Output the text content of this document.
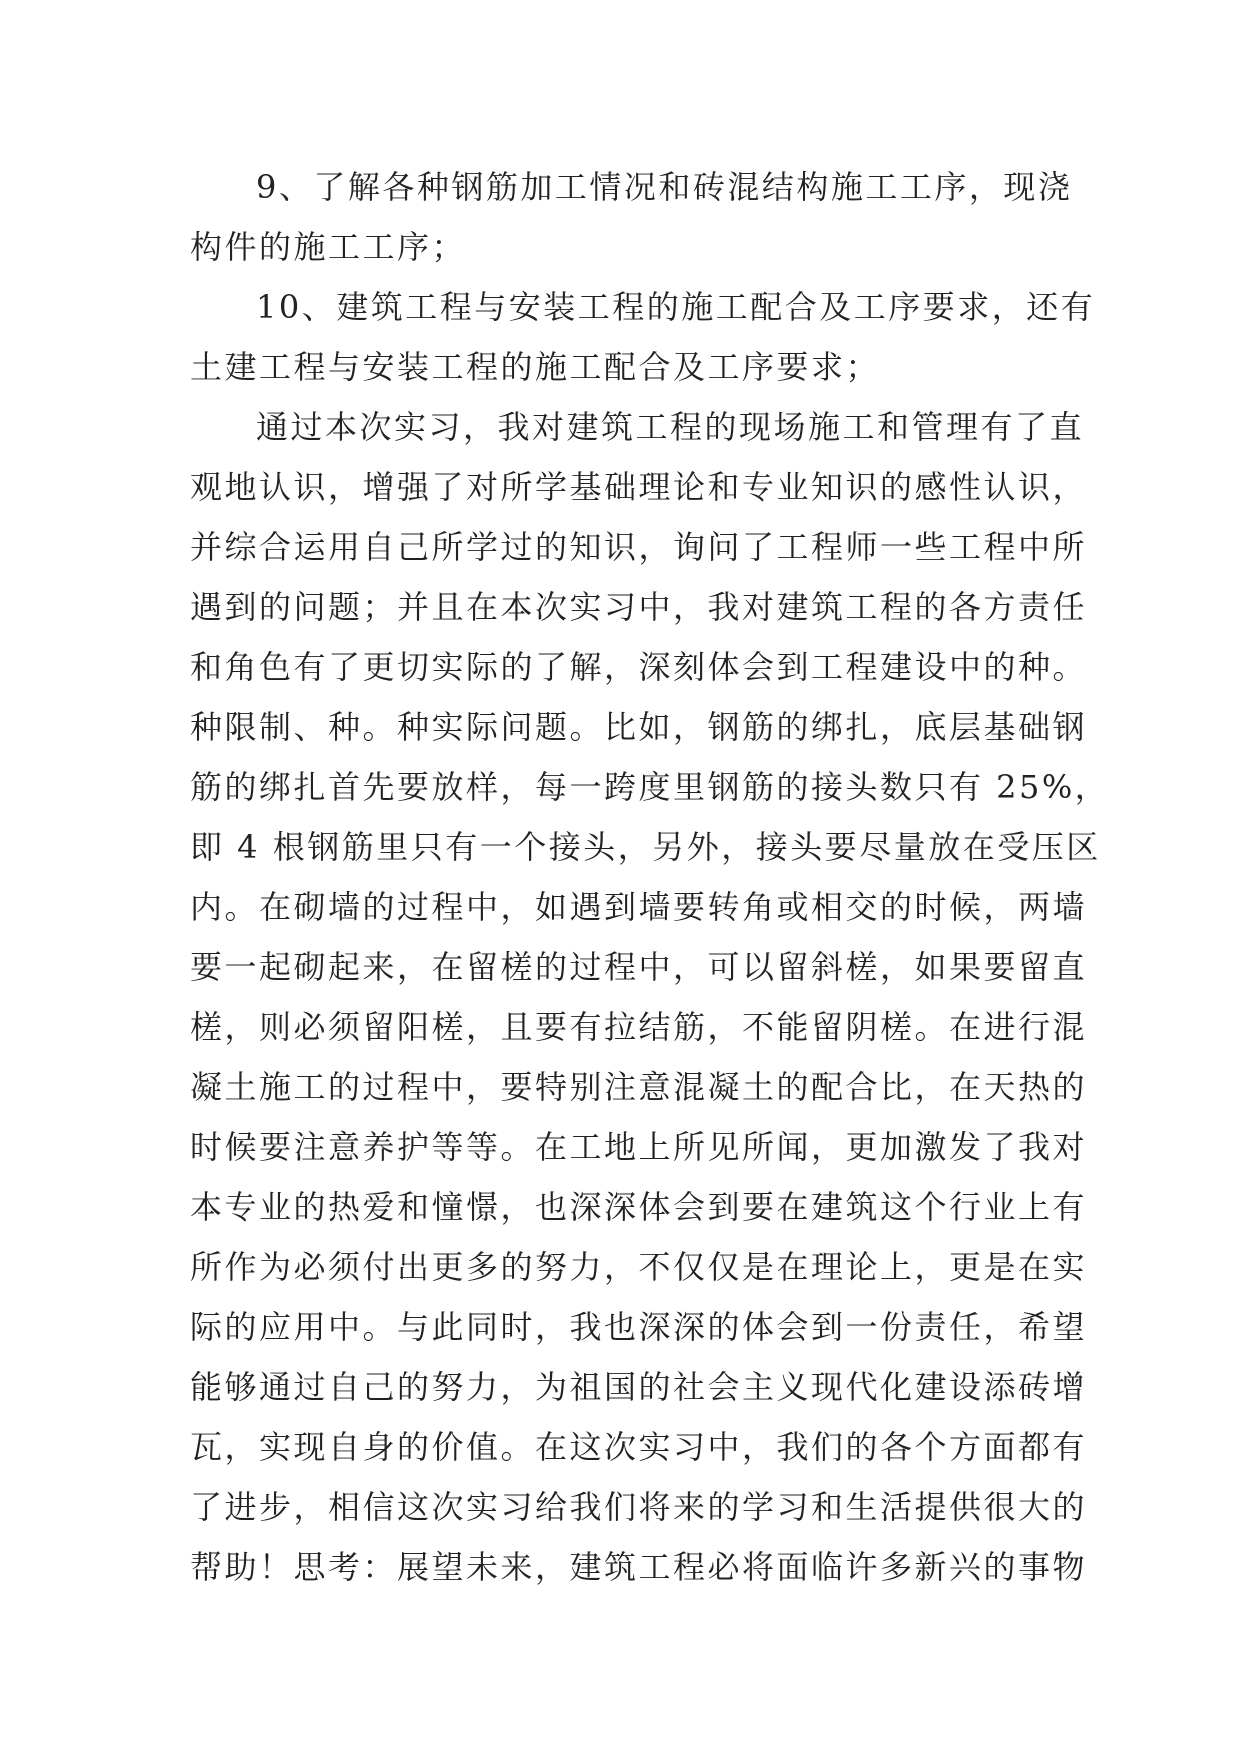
9、了解各种钢筋加工情况和砖混结构施工工序，现浇
构件的施工工序；
10、建筑工程与安装工程的施工配合及工序要求，还有
土建工程与安装工程的施工配合及工序要求；
通过本次实习，我对建筑工程的现场施工和管理有了直
观地认识，增强了对所学基础理论和专业知识的感性认识，
并综合运用自己所学过的知识，询问了工程师一些工程中所
遇到的问题；并且在本次实习中，我对建筑工程的各方责任
和角色有了更切实际的了解，深刻体会到工程建设中的种。
种限制、种。种实际问题。比如，钢筋的绑扎，底层基础钢
筋的绑扎首先要放样，每一跨度里钢筋的接头数只有 25%，
即 4 根钢筋里只有一个接头，另外，接头要尽量放在受压区
内。在砌墙的过程中，如遇到墙要转角或相交的时候，两墙
要一起砌起来，在留槎的过程中，可以留斜槎，如果要留直
槎，则必须留阳槎，且要有拉结筋，不能留阴槎。在进行混
凝土施工的过程中，要特别注意混凝土的配合比，在天热的
时候要注意养护等等。在工地上所见所闻，更加激发了我对
本专业的热爱和憧憬，也深深体会到要在建筑这个行业上有
所作为必须付出更多的努力，不仅仅是在理论上，更是在实
际的应用中。与此同时，我也深深的体会到一份责任，希望
能够通过自己的努力，为祖国的社会主义现代化建设添砖增
瓦，实现自身的价值。在这次实习中，我们的各个方面都有
了进步，相信这次实习给我们将来的学习和生活提供很大的
帮助！思考：展望未来，建筑工程必将面临许多新兴的事物
